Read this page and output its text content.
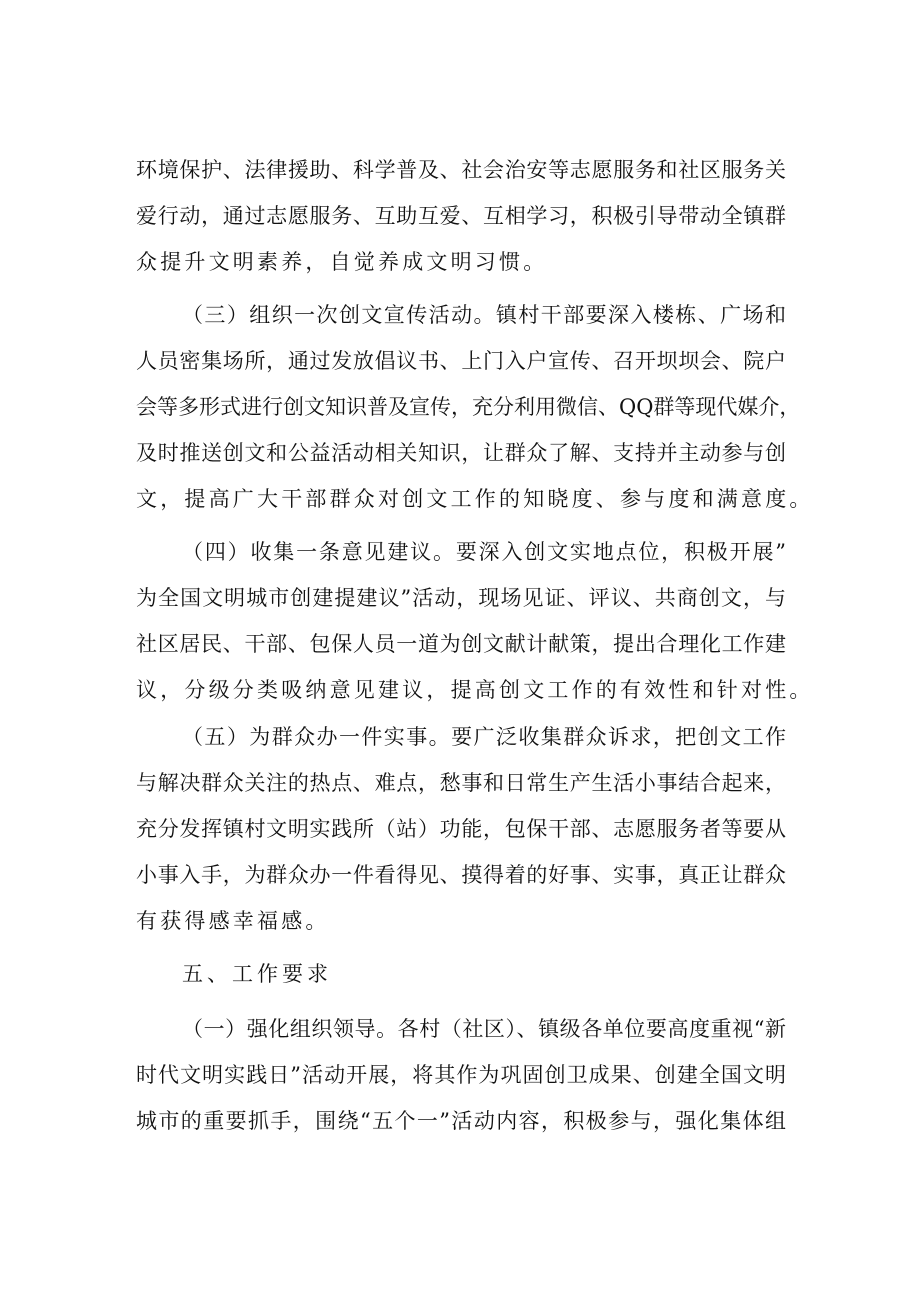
环境保护、法律援助、科学普及、社会治安等志愿服务和社区服务关
爱行动，通过志愿服务、互助互爱、互相学习，积极引导带动全镇群
众提升文明素养，自觉养成文明习惯。
（三）组织一次创文宣传活动。镇村干部要深入楼栋、广场和
人员密集场所，通过发放倡议书、上门入户宣传、召开坝坝会、院户
会等多形式进行创文知识普及宣传，充分利用微信、QQ群等现代媒介，
及时推送创文和公益活动相关知识，让群众了解、支持并主动参与创
文，提高广大干部群众对创文工作的知晓度、参与度和满意度。
（四）收集一条意见建议。要深入创文实地点位，积极开展”
为全国文明城市创建提建议”活动，现场见证、评议、共商创文，与
社区居民、干部、包保人员一道为创文献计献策，提出合理化工作建
议，分级分类吸纳意见建议，提高创文工作的有效性和针对性。
（五）为群众办一件实事。要广泛收集群众诉求，把创文工作
与解决群众关注的热点、难点，愁事和日常生产生活小事结合起来，
充分发挥镇村文明实践所（站）功能，包保干部、志愿服务者等要从
小事入手，为群众办一件看得见、摸得着的好事、实事，真正让群众
有获得感幸福感。
五、工作要求
（一）强化组织领导。各村（社区）、镇级各单位要高度重视“新
时代文明实践日”活动开展，将其作为巩固创卫成果、创建全国文明
城市的重要抓手，围绕“五个一”活动内容，积极参与，强化集体组
